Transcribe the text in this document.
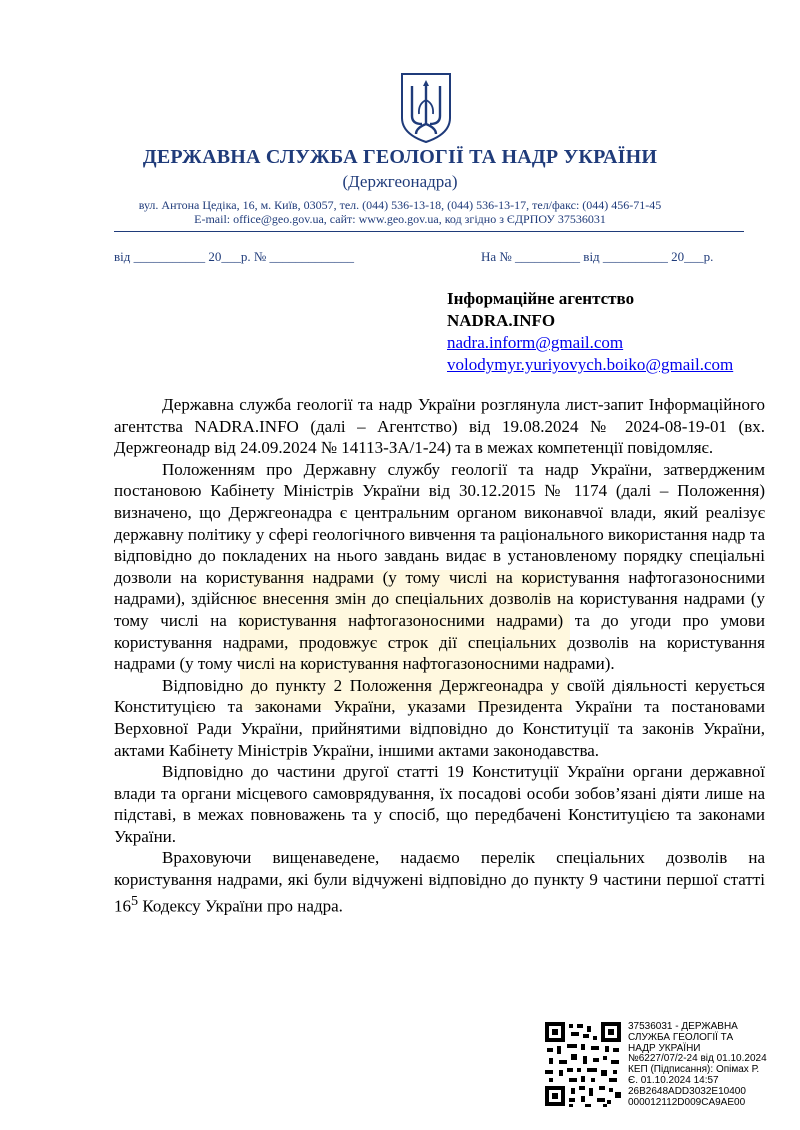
ДЕРЖАВНА СЛУЖБА ГЕОЛОГІЇ ТА НАДР УКРАЇНИ
(Держгеонадра)
вул. Антона Цедіка, 16, м. Київ, 03057, тел. (044) 536-13-18, (044) 536-13-17, тел/факс: (044) 456-71-45
E-mail: office@geo.gov.ua, сайт: www.geo.gov.ua, код згідно з ЄДРПОУ 37536031
від ___________ 20___р. № _____________	На № __________ від __________ 20___р.
Інформаційне агентство
NADRA.INFO
nadra.inform@gmail.com
volodymyr.yuriyovych.boiko@gmail.com

Державна служба геології та надр України розглянула лист-запит Інформаційного агентства NADRA.INFO (далі – Агентство) від 19.08.2024 № 2024-08-19-01 (вх. Держгеонадр від 24.09.2024 № 14113-ЗА/1-24) та в межах компетенції повідомляє.

Положенням про Державну службу геології та надр України, затвердженим постановою Кабінету Міністрів України від 30.12.2015 № 1174 (далі – Положення) визначено, що Держгеонадра є центральним органом виконавчої влади, який реалізує державну політику у сфері геологічного вивчення та раціонального використання надр та відповідно до покладених на нього завдань видає в установленому порядку спеціальні дозволи на користування надрами (у тому числі на користування нафтогазоносними надрами), здійснює внесення змін до спеціальних дозволів на користування надрами (у тому числі на користування нафтогазоносними надрами) та до угоди про умови користування надрами, продовжує строк дії спеціальних дозволів на користування надрами (у тому числі на користування нафтогазоносними надрами).

Відповідно до пункту 2 Положення Держгеонадра у своїй діяльності керується Конституцією та законами України, указами Президента України та постановами Верховної Ради України, прийнятими відповідно до Конституції та законів України, актами Кабінету Міністрів України, іншими актами законодавства.

Відповідно до частини другої статті 19 Конституції України органи державної влади та органи місцевого самоврядування, їх посадові особи зобов’язані діяти лише на підставі, в межах повноважень та у спосіб, що передбачені Конституцією та законами України.

Враховуючи вищенаведене, надаємо перелік спеціальних дозволів на користування надрами, які були відчужені відповідно до пункту 9 частини першої статті $16^5$ Кодексу України про надра.

37536031 - ДЕРЖАВНА
СЛУЖБА ГЕОЛОГІЇ ТА
НАДР УКРАЇНИ
№6227/07/2-24 від 01.10.2024
КЕП (Підписання): Опімах Р.
Є. 01.10.2024 14:57
26B2648ADD3032E10400
000012112D009CA9AE00
